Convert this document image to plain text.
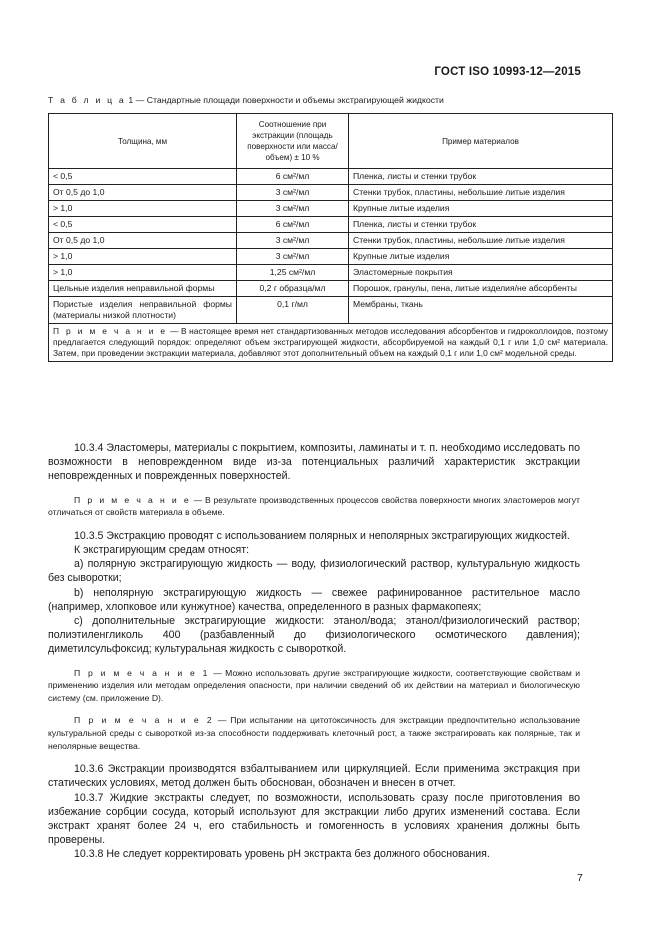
ГОСТ ISO 10993-12—2015
Т а б л и ц а 1 — Стандартные площади поверхности и объемы экстрагирующей жидкости
Толщина, мм	Соотношение при экстракции (площадь поверхности или масса/объем) ± 10 %	Пример материалов
< 0,5	6 см²/мл	Пленка, листы и стенки трубок
От 0,5 до 1,0	3 см²/мл	Стенки трубок, пластины, небольшие литые изделия
> 1,0	3 см²/мл	Крупные литые изделия
< 0,5	6 см²/мл	Пленка, листы и стенки трубок
От 0,5 до 1,0	3 см²/мл	Стенки трубок, пластины, небольшие литые изделия
> 1,0	3 см²/мл	Крупные литые изделия
> 1,0	1,25 см²/мл	Эластомерные покрытия
Цельные изделия неправильной формы	0,2 г образца/мл	Порошок, гранулы, пена, литые изделия/не абсорбенты
Пористые изделия неправильной формы (материалы низкой плотности)	0,1 г/мл	Мембраны, ткань
П р и м е ч а н и е — В настоящее время нет стандартизованных методов исследования абсорбентов и гидроколлоидов, поэтому предлагается следующий порядок: определяют объем экстрагирующей жидкости, абсорбируемой на каждый 0,1 г или 1,0 см² материала. Затем, при проведении экстракции материала, добавляют этот дополнительный объем на каждый 0,1 г или 1,0 см² модельной среды.		

10.3.4 Эластомеры, материалы с покрытием, композиты, ламинаты и т. п. необходимо исследовать по возможности в неповрежденном виде из-за потенциальных различий характеристик экстракции неповрежденных и поврежденных поверхностей.

П р и м е ч а н и е — В результате производственных процессов свойства поверхности многих эластомеров могут отличаться от свойств материала в объеме.

10.3.5 Экстракцию проводят с использованием полярных и неполярных экстрагирующих жидкостей.

К экстрагирующим средам относят:

а) полярную экстрагирующую жидкость — воду, физиологический раствор, культуральную жидкость без сыворотки;

b) неполярную экстрагирующую жидкость — свежее рафинированное растительное масло (например, хлопковое или кунжутное) качества, определенного в разных фармакопеях;

с) дополнительные экстрагирующие жидкости: этанол/вода; этанол/физиологический раствор; полиэтиленгликоль 400 (разбавленный до физиологического осмотического давления); диметилсульфоксид; культуральная жидкость с сывороткой.

П р и м е ч а н и е 1 — Можно использовать другие экстрагирующие жидкости, соответствующие свойствам и применению изделия или методам определения опасности, при наличии сведений об их действии на материал и биологическую систему (см. приложение D).

П р и м е ч а н и е 2 — При испытании на цитотоксичность для экстракции предпочтительно использование культуральной среды с сывороткой из-за способности поддерживать клеточный рост, а также экстрагировать как полярные, так и неполярные вещества.

10.3.6 Экстракции производятся взбалтыванием или циркуляцией. Если применима экстракция при статических условиях, метод должен быть обоснован, обозначен и внесен в отчет.

10.3.7 Жидкие экстракты следует, по возможности, использовать сразу после приготовления во избежание сорбции сосуда, который используют для экстракции либо других изменений состава. Если экстракт хранят более 24 ч, его стабильность и гомогенность в условиях хранения должны быть проверены.

10.3.8 Не следует корректировать уровень pH экстракта без должного обоснования.

7
